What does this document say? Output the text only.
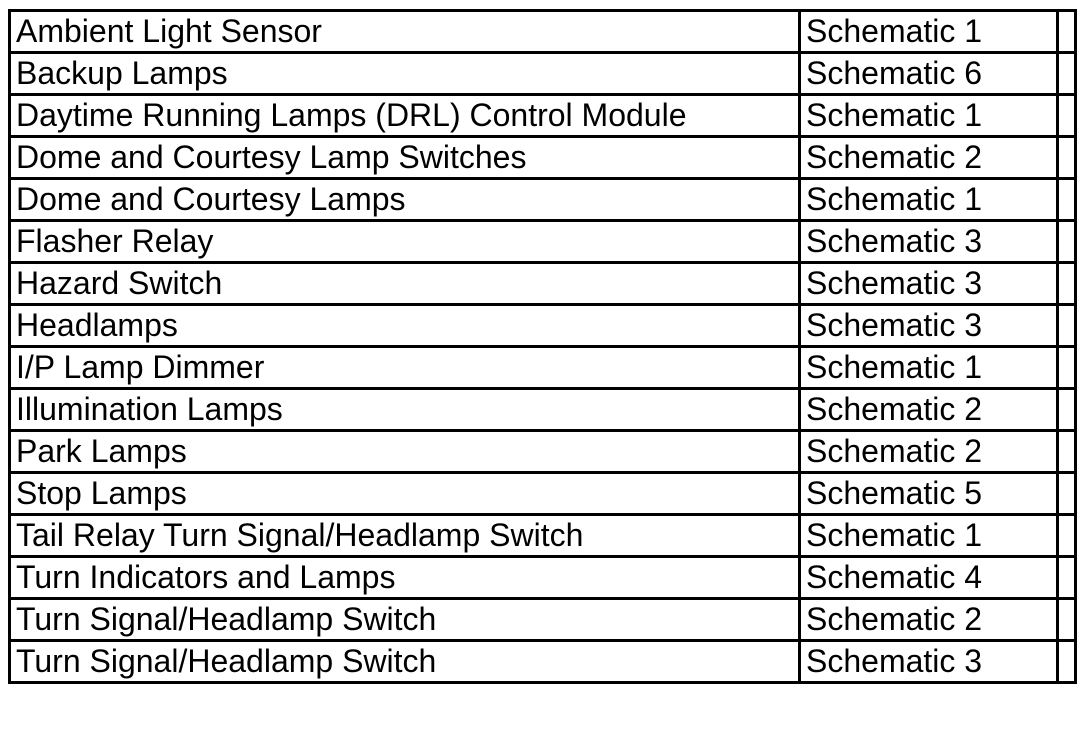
Ambient Light Sensor	Schematic 1	
Backup Lamps	Schematic 6	
Daytime Running Lamps (DRL) Control Module	Schematic 1	
Dome and Courtesy Lamp Switches	Schematic 2	
Dome and Courtesy Lamps	Schematic 1	
Flasher Relay	Schematic 3	
Hazard Switch	Schematic 3	
Headlamps	Schematic 3	
I/P Lamp Dimmer	Schematic 1	
Illumination Lamps	Schematic 2	
Park Lamps	Schematic 2	
Stop Lamps	Schematic 5	
Tail Relay Turn Signal/Headlamp Switch	Schematic 1	
Turn Indicators and Lamps	Schematic 4	
Turn Signal/Headlamp Switch	Schematic 2	
Turn Signal/Headlamp Switch	Schematic 3	
